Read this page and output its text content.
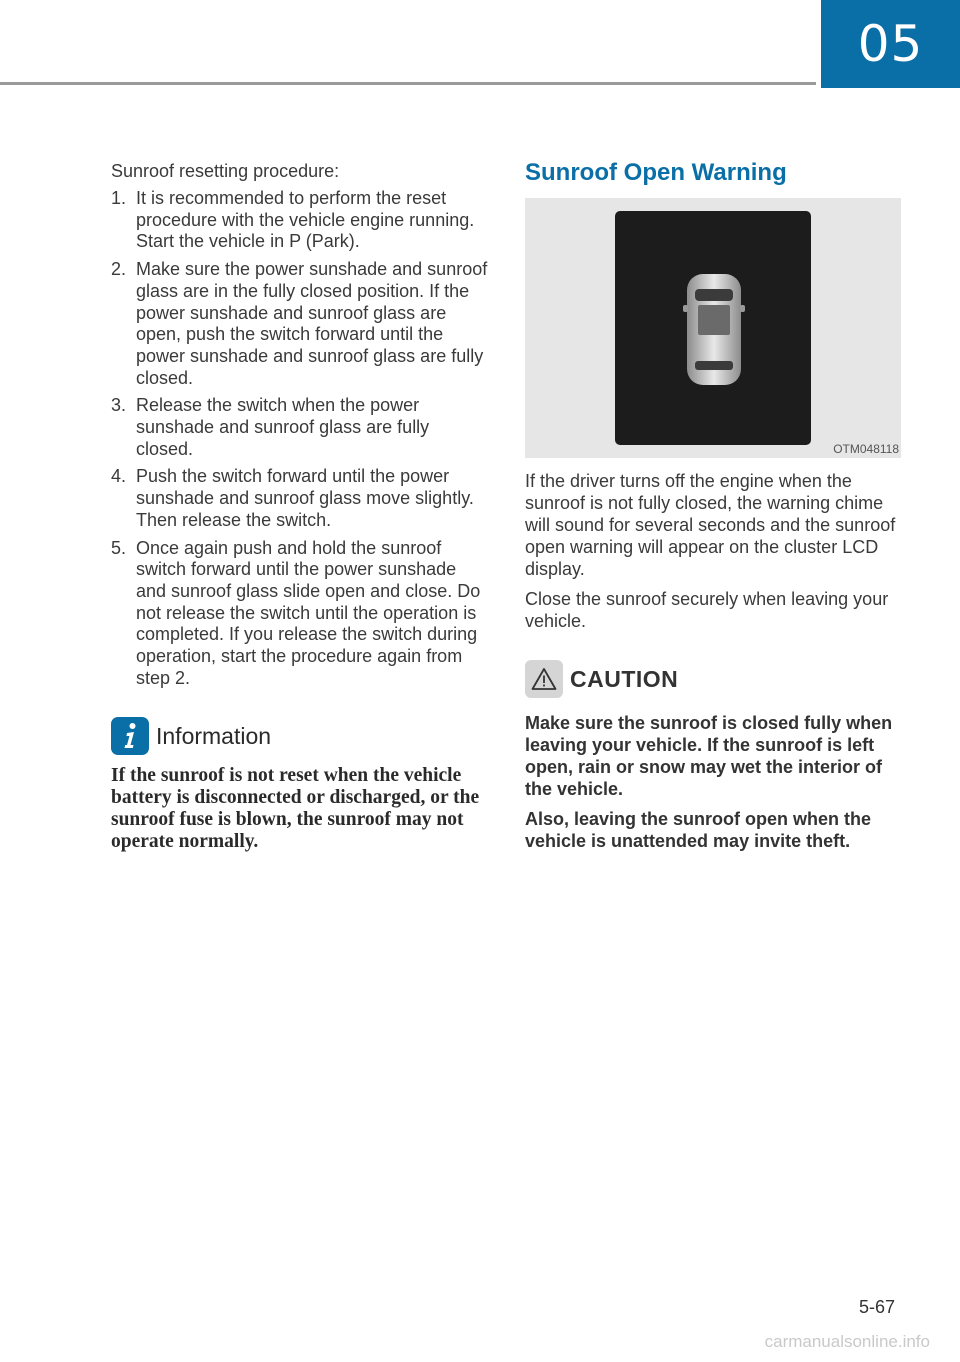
05

Sunroof resetting procedure:

1. It is recommended to perform the reset procedure with the vehicle engine running. Start the vehicle in P (Park).
2. Make sure the power sunshade and sunroof glass are in the fully closed position. If the power sunshade and sunroof glass are open, push the switch forward until the power sunshade and sunroof glass are fully closed.
3. Release the switch when the power sunshade and sunroof glass are fully closed.
4. Push the switch forward until the power sunshade and sunroof glass move slightly. Then release the switch.
5. Once again push and hold the sunroof switch forward until the power sunshade and sunroof glass slide open and close. Do not release the switch until the operation is completed. If you release the switch during operation, start the procedure again from step 2.
Information
If the sunroof is not reset when the vehicle battery is disconnected or discharged, or the sunroof fuse is blown, the sunroof may not operate normally.
Sunroof Open Warning
OTM048118

If the driver turns off the engine when the sunroof is not fully closed, the warning chime will sound for several seconds and the sunroof open warning will appear on the cluster LCD display.

Close the sunroof securely when leaving your vehicle.

CAUTION
Make sure the sunroof is closed fully when leaving your vehicle. If the sunroof is left open, rain or snow may wet the interior of the vehicle.
Also, leaving the sunroof open when the vehicle is unattended may invite theft.
5-67
carmanualsonline.info
